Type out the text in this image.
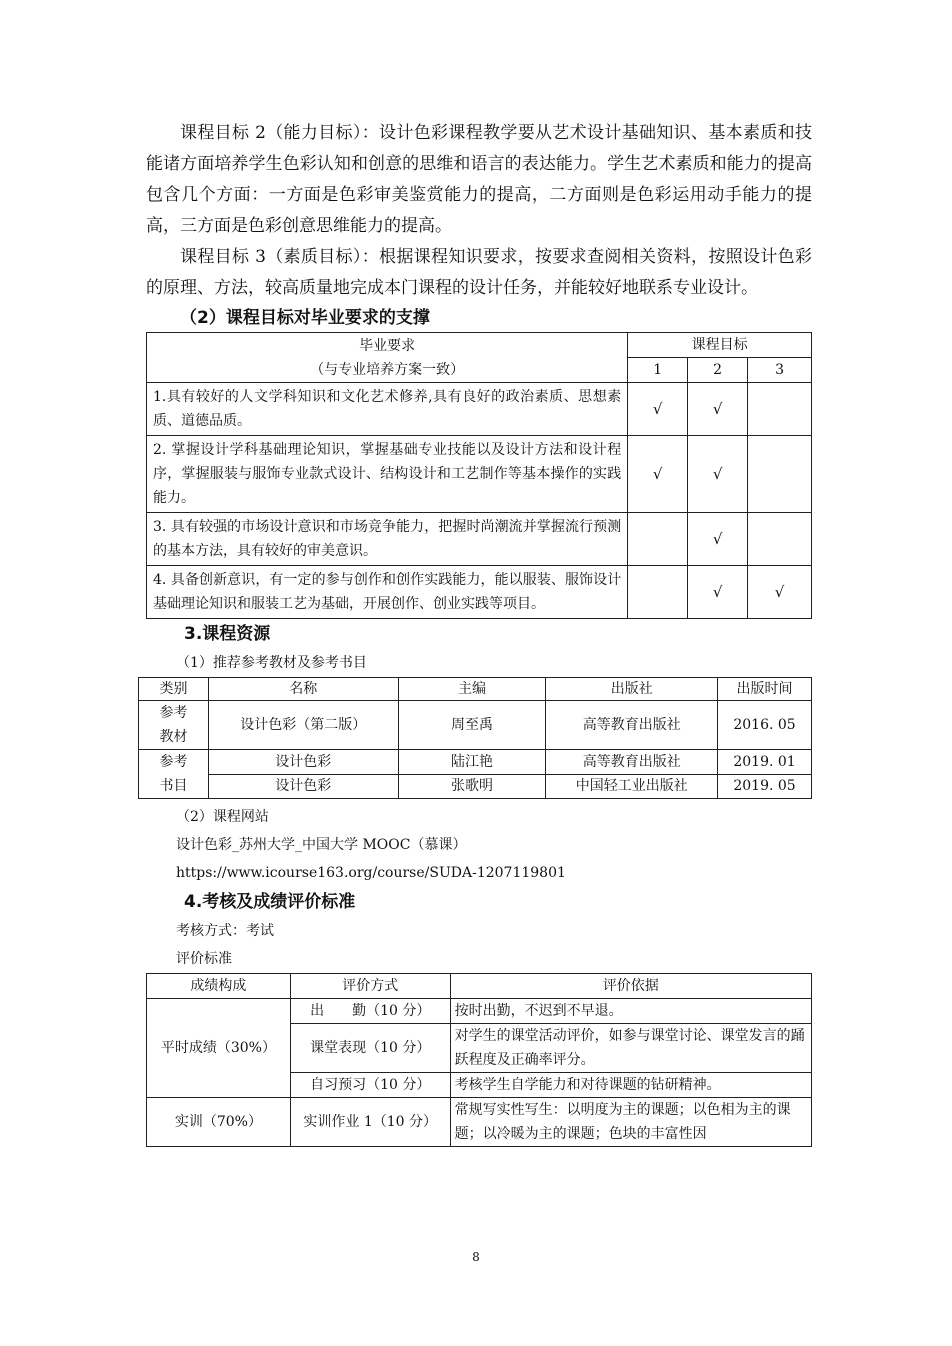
课程目标 2（能力目标）：设计色彩课程教学要从艺术设计基础知识、基本素质和技能诸方面培养学生色彩认知和创意的思维和语言的表达能力。学生艺术素质和能力的提高包含几个方面：一方面是色彩审美鉴赏能力的提高，二方面则是色彩运用动手能力的提高，三方面是色彩创意思维能力的提高。

课程目标 3（素质目标）：根据课程知识要求，按要求查阅相关资料，按照设计色彩的原理、方法，较高质量地完成本门课程的设计任务，并能较好地联系专业设计。

（2）课程目标对毕业要求的支撑

毕业要求
（与专业培养方案一致）	课程目标		
	1	2	3
1.具有较好的人文学科知识和文化艺术修养,具有良好的政治素质、思想素质、道德品质。	√	√	
2. 掌握设计学科基础理论知识，掌握基础专业技能以及设计方法和设计程序，掌握服装与服饰专业款式设计、结构设计和工艺制作等基本操作的实践能力。	√	√	
3. 具有较强的市场设计意识和市场竞争能力，把握时尚潮流并掌握流行预测的基本方法，具有较好的审美意识。		√	
4. 具备创新意识，有一定的参与创作和创作实践能力，能以服装、服饰设计基础理论知识和服装工艺为基础，开展创作、创业实践等项目。		√	√

3.课程资源

（1）推荐参考教材及参考书目

类别	名称	主编	出版社	出版时间

参考
教材	设计色彩（第二版）	周至禹	高等教育出版社	2016. 05

参考
书目	设计色彩	陆江艳	高等教育出版社	2019. 01
	设计色彩	张歌明	中国轻工业出版社	2019. 05

（2）课程网站

设计色彩_苏州大学_中国大学 MOOC（慕课）

https://www.icourse163.org/course/SUDA-1207119801

4.考核及成绩评价标准

考核方式：考试

评价标准

成绩构成	评价方式	评价依据
平时成绩（30%）	出　　勤（10 分）	按时出勤，不迟到不早退。
	课堂表现（10 分）	对学生的课堂活动评价，如参与课堂讨论、课堂发言的踊跃程度及正确率评分。
	自习预习（10 分）	考核学生自学能力和对待课题的钻研精神。
实训（70%）	实训作业 1（10 分）	常规写实性写生：以明度为主的课题；以色相为主的课题；以冷暖为主的课题；色块的丰富性因
8
